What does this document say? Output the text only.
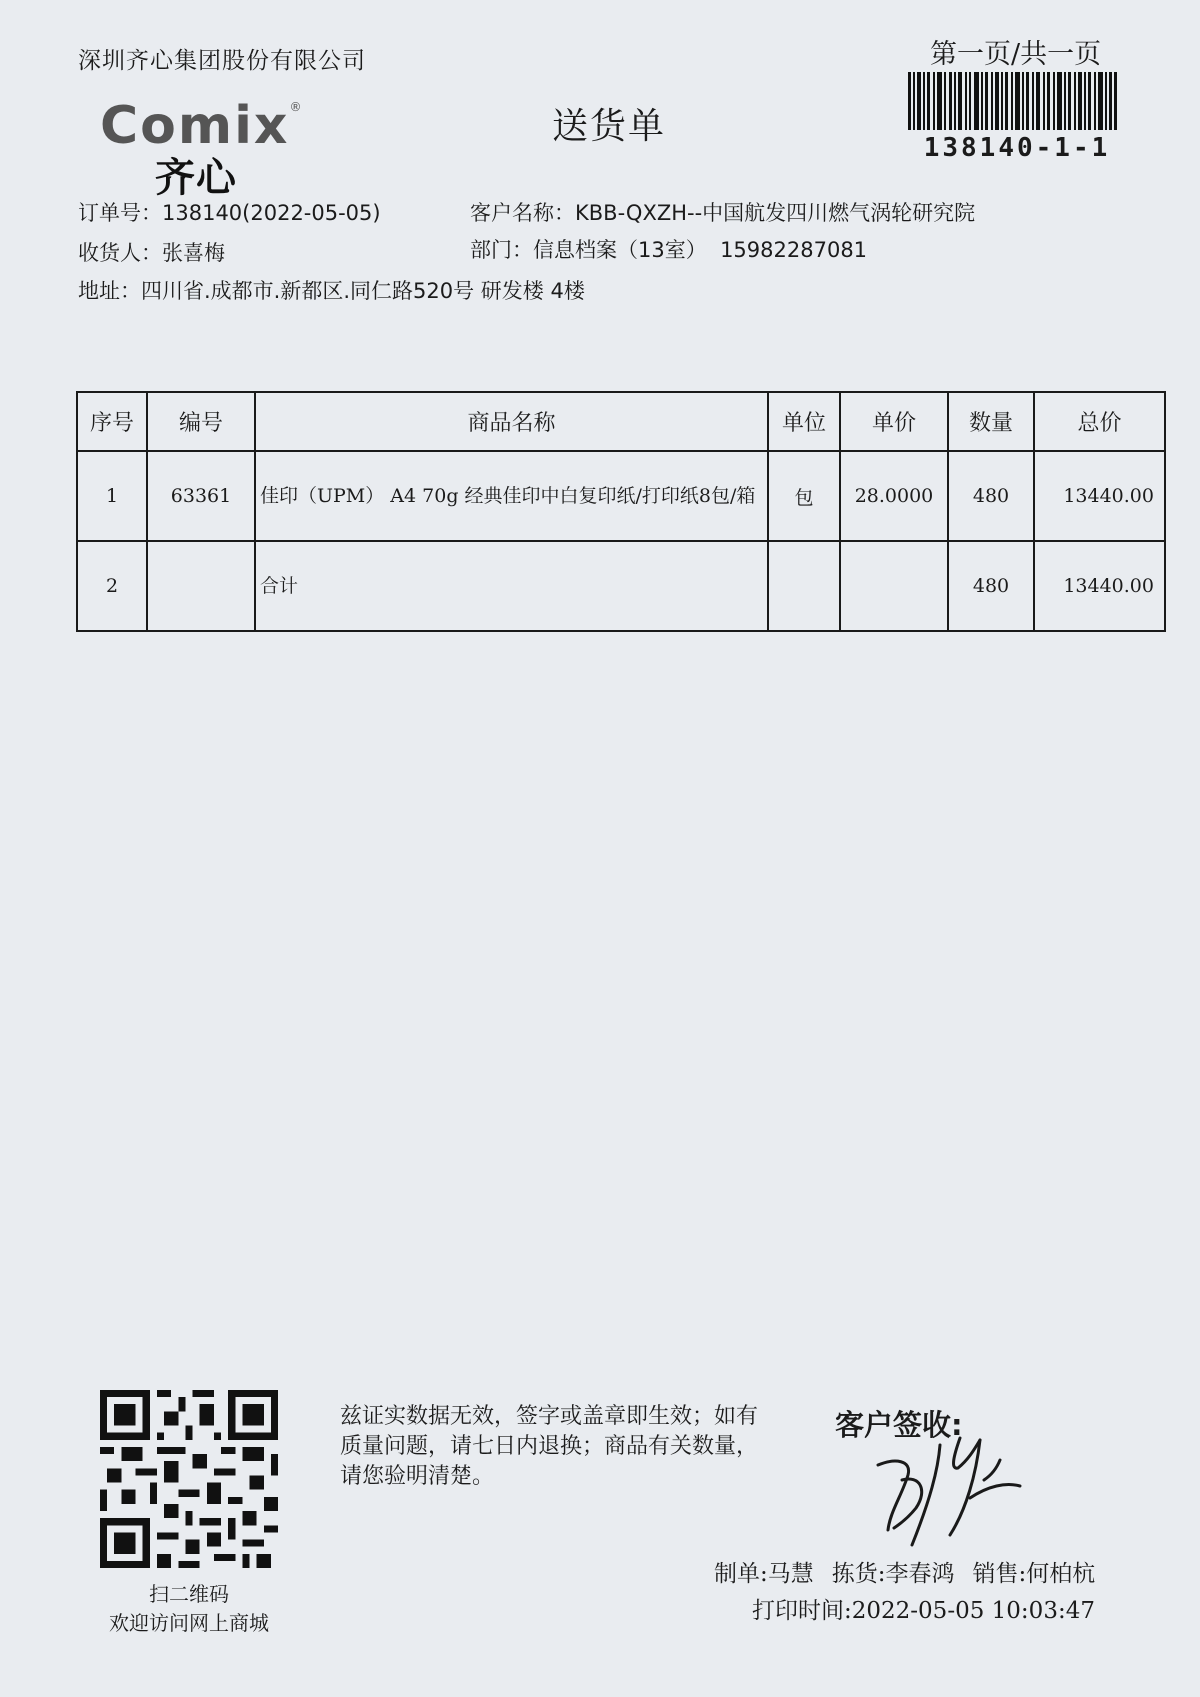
深圳齐心集团股份有限公司	第一页/共一页
138140-1-1
Comix®
齐心
送货单
订单号：138140(2022-05-05)	客户名称：KBB-QXZH--中国航发四川燃气涡轮研究院
收货人：张喜梅	部门：信息档案（13室）  15982287081
地址：四川省.成都市.新都区.同仁路520号 研发楼 4楼
序号	编号	商品名称	单位	单价	数量	总价
1	63361	佳印（UPM） A4 70g 经典佳印中白复印纸/打印纸8包/箱	包	28.0000	480	13440.00
2		合计			480	13440.00
扫二维码
欢迎访问网上商城
兹证实数据无效，签字或盖章即生效；如有质量问题，请七日内退换；商品有关数量，请您验明清楚。
客户签收:
制单:马慧 拣货:李春鸿 销售:何柏杭
打印时间:2022-05-05 10:03:47
